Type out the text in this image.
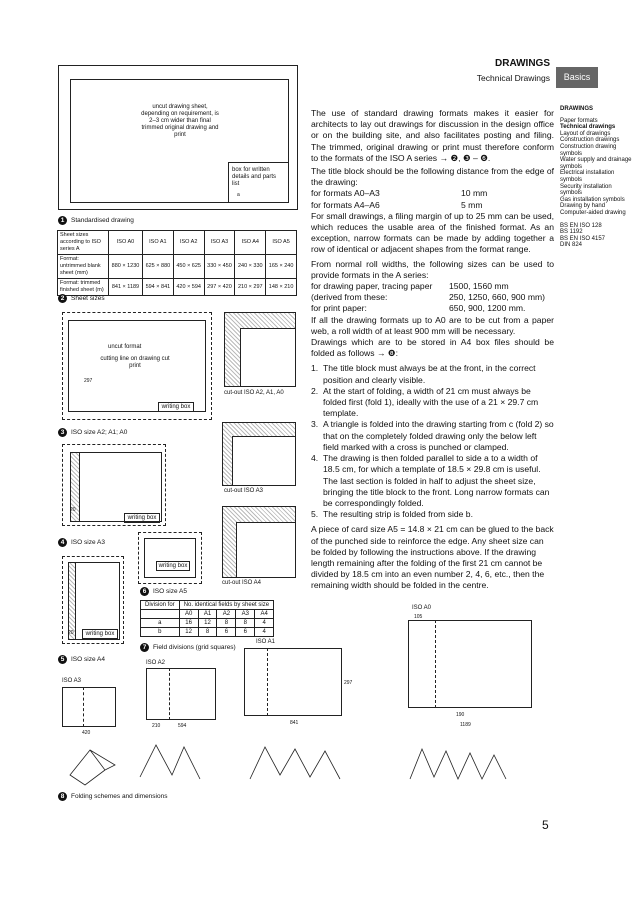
DRAWINGS
Technical Drawings	Basics
DRAWINGS
Paper formats
Technical drawings
Layout of drawings
Construction drawings
Construction drawing symbols
Water supply and drainage symbols
Electrical installation symbols
Security installation symbols
Gas installation symbols
Drawing by hand
Computer-aided drawing
BS EN ISO 128
BS 1192
BS EN ISO 4157
DIN 824
The use of standard drawing formats makes it easier for architects to lay out drawings for discussion in the design office or on the building site, and also facilitates posting and filing. The trimmed, original drawing or print must therefore conform to the formats of the ISO A series → ❷, ❸ – ❻.
The title block should be the following distance from the edge of the drawing:
for formats A0–A3	10 mm
for formats A4–A6	5 mm
For small drawings, a filing margin of up to 25 mm can be used, which reduces the usable area of the finished format. As an exception, narrow formats can be made by adding together a row of identical or adjacent shapes from the format range.
From normal roll widths, the following sizes can be used to provide formats in the A series:
for drawing paper, tracing paper	1500, 1560 mm
(derived from these:	250, 1250, 660, 900 mm)
for print paper:	650, 900, 1200 mm.
If all the drawing formats up to A0 are to be cut from a paper web, a roll width of at least 900 mm will be necessary.
Drawings which are to be stored in A4 box files should be folded as follows → ❽:
1. The title block must always be at the front, in the correct position and clearly visible.
2. At the start of folding, a width of 21 cm must always be folded first (fold 1), ideally with the use of a 21 × 29.7 cm template.
3. A triangle is folded into the drawing starting from c (fold 2) so that on the completely folded drawing only the below left field marked with a cross is punched or clamped.
4. The drawing is then folded parallel to side a to a width of 18.5 cm, for which a template of 18.5 × 29.8 cm is useful. The last section is folded in half to adjust the sheet size, bringing the title block to the front. Long narrow formats can be correspondingly folded.
5. The resulting strip is folded from side b.
A piece of card size A5 = 14.8 × 21 cm can be glued to the back of the punched side to reinforce the edge. Any sheet size can be folded by following the instructions above. If the drawing length remaining after the folding of the first 21 cm cannot be divided by 18.5 cm into an even number 2, 4, 6, etc., then the remaining width should be folded in the centre.
uncut drawing sheet, depending on requirement, is 2–3 cm wider than final trimmed original drawing and print
box for written details and parts list
a
1 Standardised drawing
Sheet sizes according to ISO series A	ISO A0	ISO A1	ISO A2	ISO A3	ISO A4	ISO A5
Format: untrimmed blank sheet (mm)	880 × 1230	625 × 880	450 × 625	330 × 450	240 × 330	165 × 240
Format: trimmed finished sheet (m)	841 × 1189	594 × 841	420 × 594	297 × 420	210 × 297	148 × 210
2 Sheet sizes
uncut format
cutting line on drawing cut print
297
writing box
cut-out ISO A2, A1, A0
3 ISO size A2; A1; A0
20
writing box
cut-out ISO A3
4 ISO size A3
writing box
cut-out ISO A4
6 ISO size A5
20	writing box
5 ISO size A4
Division for	No. identical fields by sheet size				
	A0	A1	A2	A3	A4
a	16	12	8	8	4
b	12	8	6	6	4
7 Field divisions (grid squares)
ISO A3
420
ISO A2
594
210
ISO A1
841
297
ISO A0
105
190
1189
8 Folding schemes and dimensions
5
